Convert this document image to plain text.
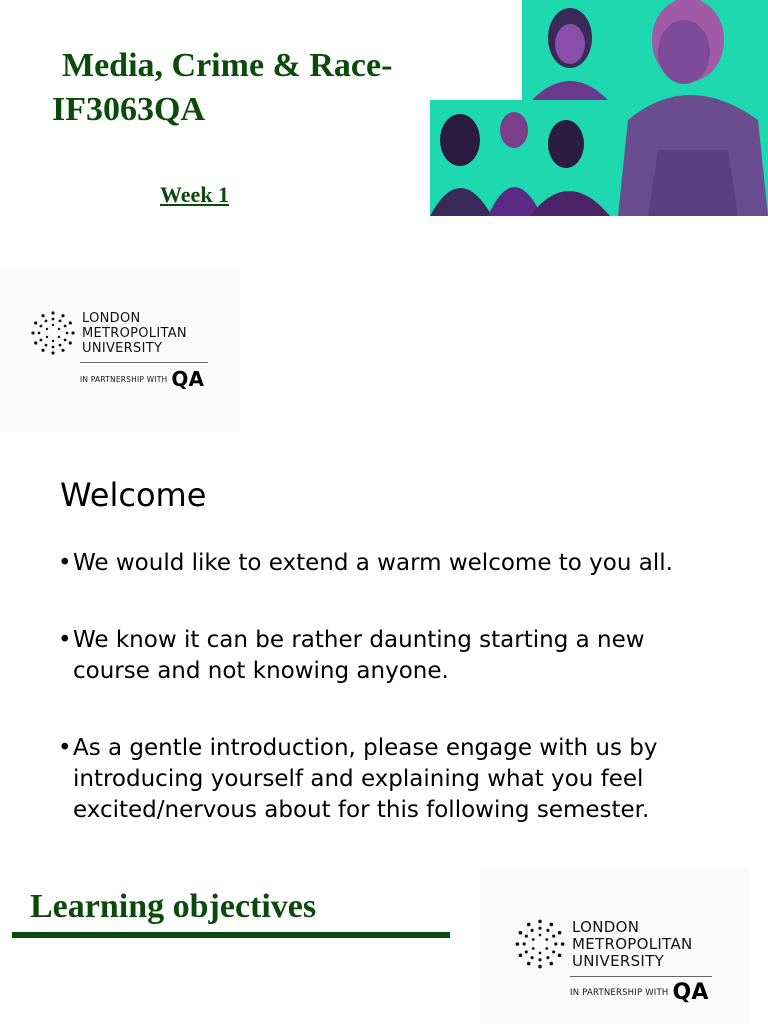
Media, Crime & Race-
IF3063QA
Week 1
LONDON
METROPOLITAN
UNIVERSITY
IN PARTNERSHIP WITH QA
Welcome
• We would like to extend a warm welcome to you all.
• We know it can be rather daunting starting a new course and not knowing anyone.
• As a gentle introduction, please engage with us by introducing yourself and explaining what you feel excited/nervous about for this following semester.
Learning objectives
LONDON
METROPOLITAN
UNIVERSITY
IN PARTNERSHIP WITH QA
